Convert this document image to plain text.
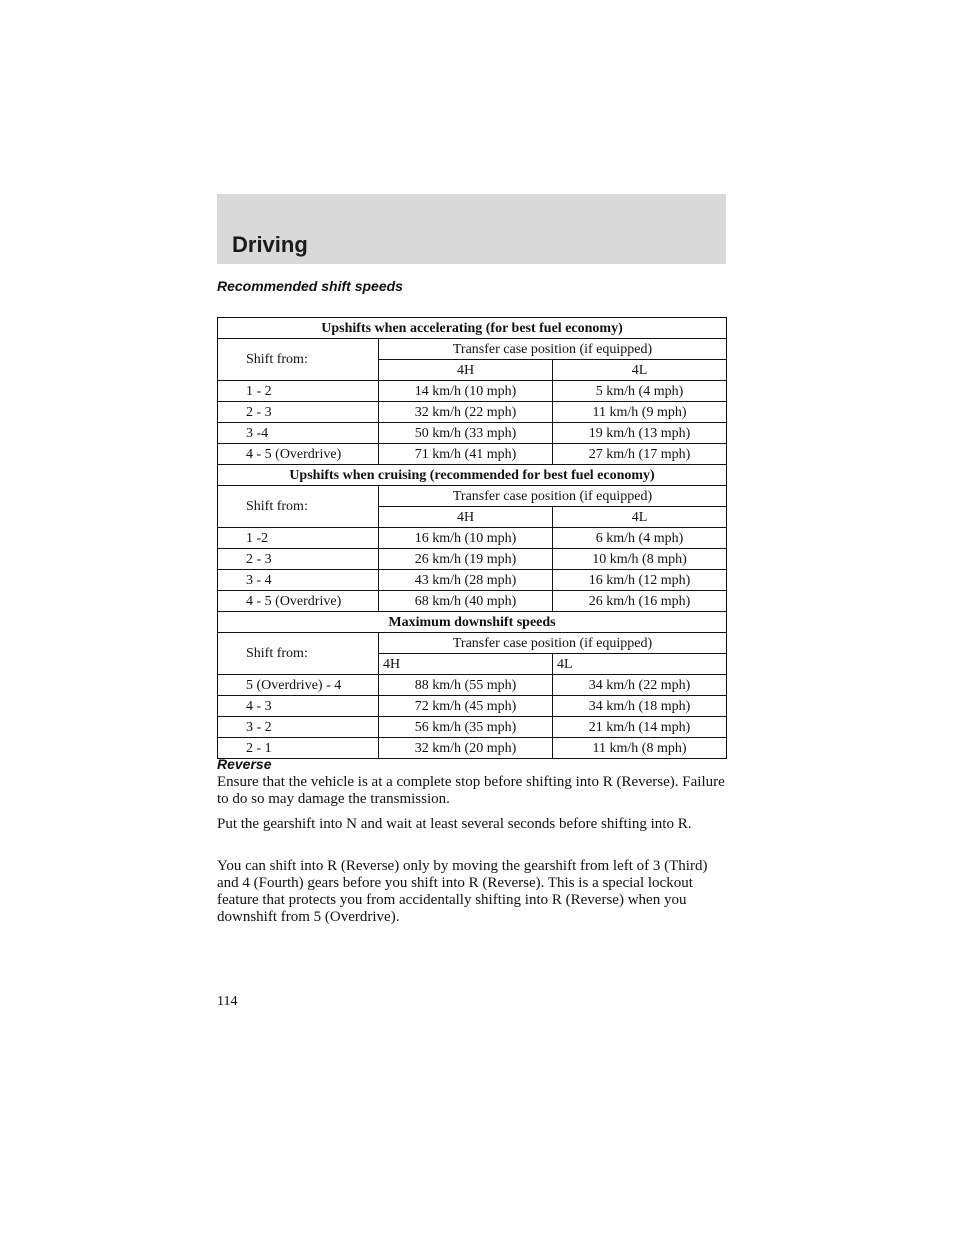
Driving
Recommended shift speeds
Upshifts when accelerating (for best fuel economy)		
Shift from:	Transfer case position (if equipped)	
	4H	4L
1 - 2	14 km/h (10 mph)	5 km/h (4 mph)
2 - 3	32 km/h (22 mph)	11 km/h (9 mph)
3 -4	50 km/h (33 mph)	19 km/h (13 mph)
4 - 5 (Overdrive)	71 km/h (41 mph)	27 km/h (17 mph)
Upshifts when cruising (recommended for best fuel economy)		
Shift from:	Transfer case position (if equipped)	
	4H	4L
1 -2	16 km/h (10 mph)	6 km/h (4 mph)
2 - 3	26 km/h (19 mph)	10 km/h (8 mph)
3 - 4	43 km/h (28 mph)	16 km/h (12 mph)
4 - 5 (Overdrive)	68 km/h (40 mph)	26 km/h (16 mph)
Maximum downshift speeds		
Shift from:	Transfer case position (if equipped)	
	4H	4L
5 (Overdrive) - 4	88 km/h (55 mph)	34 km/h (22 mph)
4 - 3	72 km/h (45 mph)	34 km/h (18 mph)
3 - 2	56 km/h (35 mph)	21 km/h (14 mph)
2 - 1	32 km/h (20 mph)	11 km/h (8 mph)
Reverse

Ensure that the vehicle is at a complete stop before shifting into R (Reverse). Failure to do so may damage the transmission.

Put the gearshift into N and wait at least several seconds before shifting into R.

You can shift into R (Reverse) only by moving the gearshift from left of 3 (Third) and 4 (Fourth) gears before you shift into R (Reverse). This is a special lockout feature that protects you from accidentally shifting into R (Reverse) when you downshift from 5 (Overdrive).

114
